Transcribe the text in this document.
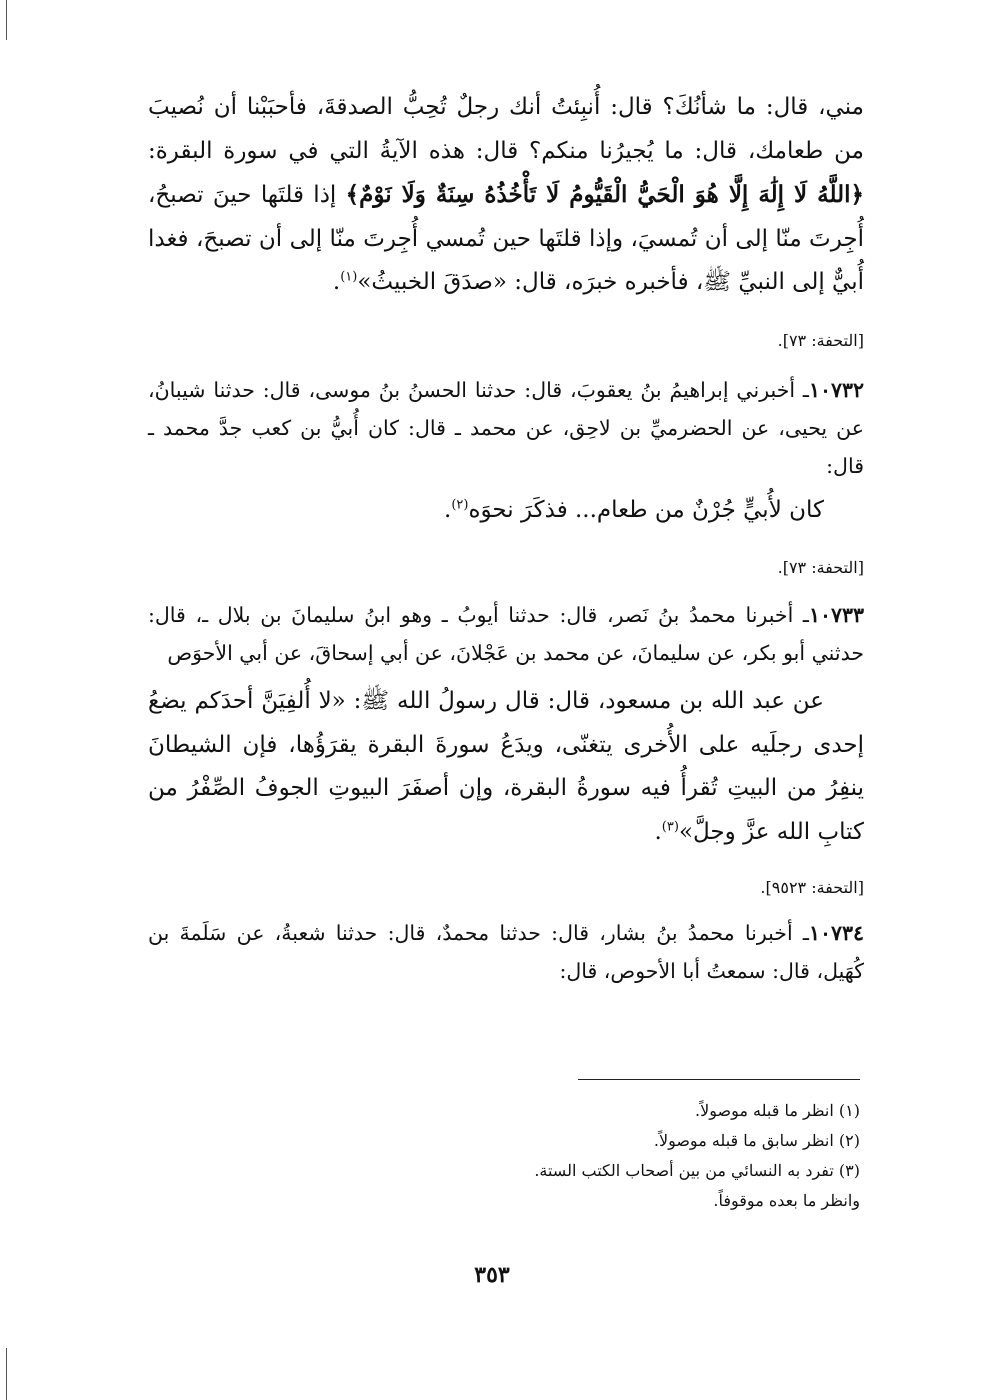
مني، قال: ما شأنُكَ؟ قال: أُنبِئتُ أنك رجلٌ تُحِبُّ الصدقةَ، فأحبَبْنا أن نُصيبَ من طعامك، قال: ما يُجيرُنا منكم؟ قال: هذه الآيةُ التي في سورة البقرة: ﴿اللَّهُ لَا إِلَٰهَ إِلَّا هُوَ الْحَيُّ الْقَيُّومُ لَا تَأْخُذُهُ سِنَةٌ وَلَا نَوْمٌ﴾ إذا قلتَها حينَ تصبحُ، أُجِرتَ منّا إلى أن تُمسيَ، وإذا قلتَها حين تُمسي أُجِرتَ منّا إلى أن تصبحَ، فغدا أُبيٌّ إلى النبيِّ ﷺ، فأخبره خبرَه، قال: «صدَقَ الخبيثُ»$^{(١)}$.

[التحفة: ٧٣].

١٠٧٣٢ـ أخبرني إبراهيمُ بنُ يعقوبَ، قال: حدثنا الحسنُ بنُ موسى، قال: حدثنا شيبانُ، عن يحيى، عن الحضرميِّ بن لاحِق، عن محمد ـ قال: كان أُبيُّ بن كعب جدَّ محمد ـ قال:

كان لأُبيٍّ جُرْنٌ من طعام... فذكَرَ نحوَه$^{(٢)}$.

[التحفة: ٧٣].

١٠٧٣٣ـ أخبرنا محمدُ بنُ نَصر، قال: حدثنا أيوبُ ـ وهو ابنُ سليمانَ بن بلال ـ، قال: حدثني أبو بكر، عن سليمانَ، عن محمد بن عَجْلانَ، عن أبي إسحاقَ، عن أبي الأحوَص

عن عبد الله بن مسعود، قال: قال رسولُ الله ﷺ: «لا أُلفِيَنَّ أحدَكم يضعُ إحدى رجلَيه على الأُخرى يتغنّى، ويدَعُ سورةَ البقرة يقرَؤُها، فإن الشيطانَ ينفِرُ من البيتِ تُقرأُ فيه سورةُ البقرة، وإن أصفَرَ البيوتِ الجوفُ الصِّفْرُ من كتابِ الله عزَّ وجلَّ»$^{(٣)}$.

[التحفة: ٩٥٢٣].

١٠٧٣٤ـ أخبرنا محمدُ بنُ بشار، قال: حدثنا محمدٌ، قال: حدثنا شعبةُ، عن سَلَمةَ بن كُهَيل، قال: سمعتُ أبا الأحوص، قال:

(١) انظر ما قبله موصولاً.
(٢) انظر سابق ما قبله موصولاً.
(٣) تفرد به النسائي من بين أصحاب الكتب الستة.
وانظر ما بعده موقوفاً.
٣٥٣
